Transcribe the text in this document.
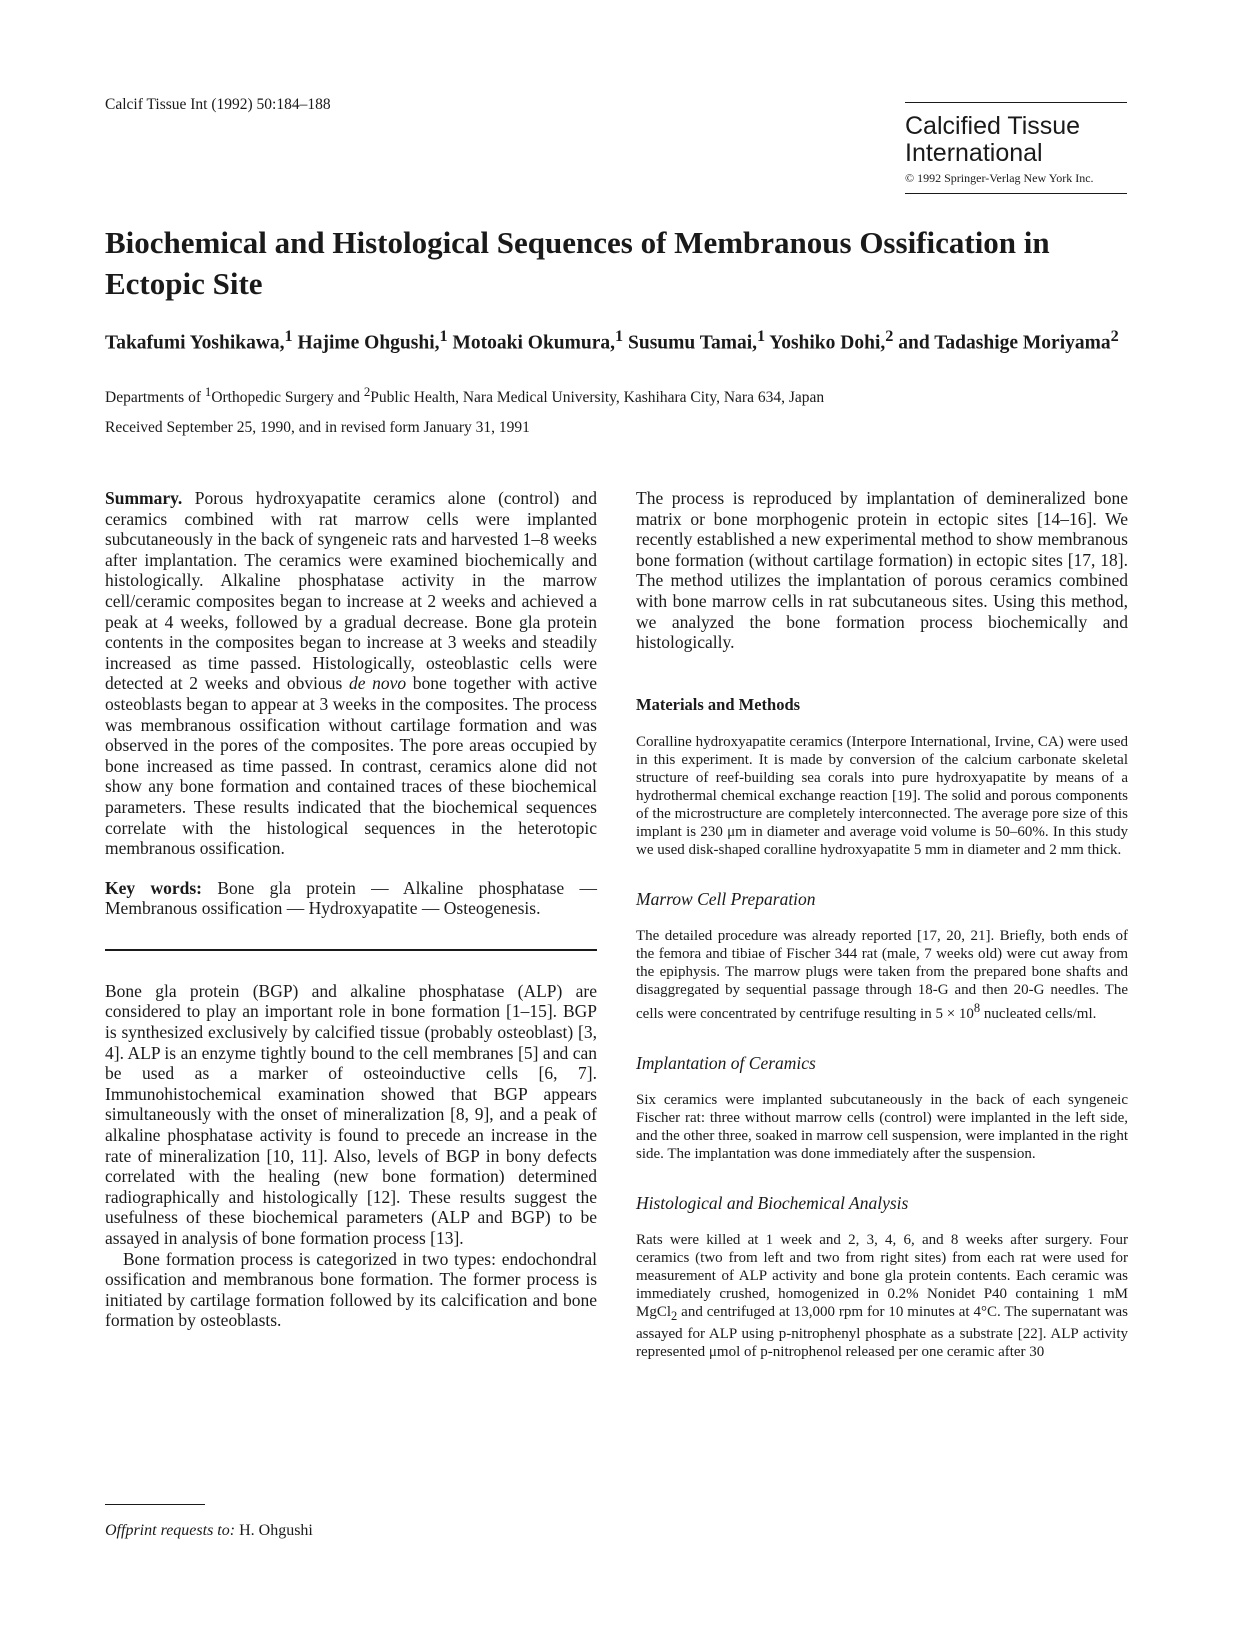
Calcif Tissue Int (1992) 50:184–188
Calcified Tissue
International
© 1992 Springer-Verlag New York Inc.
Biochemical and Histological Sequences of Membranous Ossification in Ectopic Site
Takafumi Yoshikawa,$^1$ Hajime Ohgushi,$^1$ Motoaki Okumura,$^1$ Susumu Tamai,$^1$ Yoshiko Dohi,$^2$ and Tadashige Moriyama$^2$
Departments of $^1$Orthopedic Surgery and $^2$Public Health, Nara Medical University, Kashihara City, Nara 634, Japan
Received September 25, 1990, and in revised form January 31, 1991

Summary. Porous hydroxyapatite ceramics alone (control) and ceramics combined with rat marrow cells were implanted subcutaneously in the back of syngeneic rats and harvested 1–8 weeks after implantation. The ceramics were examined biochemically and histologically. Alkaline phosphatase activity in the marrow cell/ceramic composites began to increase at 2 weeks and achieved a peak at 4 weeks, followed by a gradual decrease. Bone gla protein contents in the composites began to increase at 3 weeks and steadily increased as time passed. Histologically, osteoblastic cells were detected at 2 weeks and obvious de novo bone together with active osteoblasts began to appear at 3 weeks in the composites. The process was membranous ossification without cartilage formation and was observed in the pores of the composites. The pore areas occupied by bone increased as time passed. In contrast, ceramics alone did not show any bone formation and contained traces of these biochemical parameters. These results indicated that the biochemical sequences correlate with the histological sequences in the heterotopic membranous ossification.

Key words: Bone gla protein — Alkaline phosphatase — Membranous ossification — Hydroxyapatite — Osteogenesis.

Bone gla protein (BGP) and alkaline phosphatase (ALP) are considered to play an important role in bone formation [1–15]. BGP is synthesized exclusively by calcified tissue (probably osteoblast) [3, 4]. ALP is an enzyme tightly bound to the cell membranes [5] and can be used as a marker of osteoinductive cells [6, 7]. Immunohistochemical examination showed that BGP appears simultaneously with the onset of mineralization [8, 9], and a peak of alkaline phosphatase activity is found to precede an increase in the rate of mineralization [10, 11]. Also, levels of BGP in bony defects correlated with the healing (new bone formation) determined radiographically and histologically [12]. These results suggest the usefulness of these biochemical parameters (ALP and BGP) to be assayed in analysis of bone formation process [13].

Bone formation process is categorized in two types: endochondral ossification and membranous bone formation. The former process is initiated by cartilage formation followed by its calcification and bone formation by osteoblasts.

The process is reproduced by implantation of demineralized bone matrix or bone morphogenic protein in ectopic sites [14–16]. We recently established a new experimental method to show membranous bone formation (without cartilage formation) in ectopic sites [17, 18]. The method utilizes the implantation of porous ceramics combined with bone marrow cells in rat subcutaneous sites. Using this method, we analyzed the bone formation process biochemically and histologically.

Materials and Methods

Coralline hydroxyapatite ceramics (Interpore International, Irvine, CA) were used in this experiment. It is made by conversion of the calcium carbonate skeletal structure of reef-building sea corals into pure hydroxyapatite by means of a hydrothermal chemical exchange reaction [19]. The solid and porous components of the microstructure are completely interconnected. The average pore size of this implant is 230 μm in diameter and average void volume is 50–60%. In this study we used disk-shaped coralline hydroxyapatite 5 mm in diameter and 2 mm thick.

Marrow Cell Preparation

The detailed procedure was already reported [17, 20, 21]. Briefly, both ends of the femora and tibiae of Fischer 344 rat (male, 7 weeks old) were cut away from the epiphysis. The marrow plugs were taken from the prepared bone shafts and disaggregated by sequential passage through 18-G and then 20-G needles. The cells were concentrated by centrifuge resulting in $5 \times 10^8$ nucleated cells/ml.

Implantation of Ceramics

Six ceramics were implanted subcutaneously in the back of each syngeneic Fischer rat: three without marrow cells (control) were implanted in the left side, and the other three, soaked in marrow cell suspension, were implanted in the right side. The implantation was done immediately after the suspension.

Histological and Biochemical Analysis

Rats were killed at 1 week and 2, 3, 4, 6, and 8 weeks after surgery. Four ceramics (two from left and two from right sites) from each rat were used for measurement of ALP activity and bone gla protein contents. Each ceramic was immediately crushed, homogenized in 0.2% Nonidet P40 containing 1 mM MgCl$_2$ and centrifuged at 13,000 rpm for 10 minutes at 4°C. The supernatant was assayed for ALP using p-nitrophenyl phosphate as a substrate [22]. ALP activity represented μmol of p-nitrophenol released per one ceramic after 30

Offprint requests to: H. Ohgushi
